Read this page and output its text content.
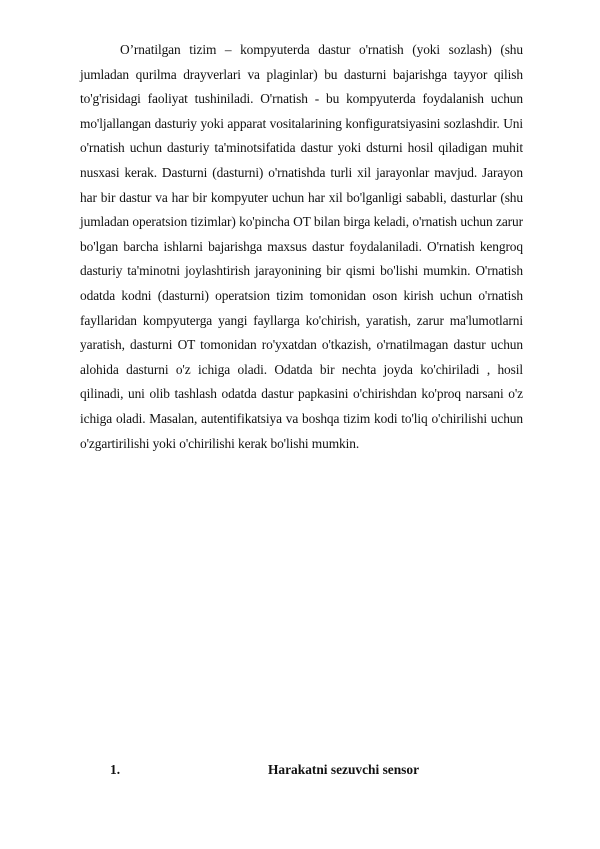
O’rnatilgan tizim – kompyuterda dastur o'rnatish (yoki sozlash) (shu jumladan qurilma drayverlari va plaginlar) bu dasturni bajarishga tayyor qilish to'g'risidagi faoliyat tushiniladi. O'rnatish - bu kompyuterda foydalanish uchun mo'ljallangan dasturiy yoki apparat vositalarining konfiguratsiyasini sozlashdir. Uni o'rnatish uchun dasturiy ta'minotsifatida dastur yoki dsturni hosil qiladigan muhit nusxasi kerak. Dasturni (dasturni) o'rnatishda turli xil jarayonlar mavjud. Jarayon har bir dastur va har bir kompyuter uchun har xil bo'lganligi sababli, dasturlar (shu jumladan operatsion tizimlar) ko'pincha OT bilan birga keladi, o'rnatish uchun zarur bo'lgan barcha ishlarni bajarishga maxsus dastur foydalaniladi. O'rnatish kengroq dasturiy ta'minotni joylashtirish jarayonining bir qismi bo'lishi mumkin. O'rnatish odatda kodni (dasturni) operatsion tizim tomonidan oson kirish uchun o'rnatish fayllaridan kompyuterga yangi fayllarga ko'chirish, yaratish, zarur ma'lumotlarni yaratish, dasturni OT tomonidan ro'yxatdan o'tkazish, o'rnatilmagan dastur uchun alohida dasturni o'z ichiga oladi. Odatda bir nechta joyda ko'chiriladi , hosil qilinadi, uni olib tashlash odatda dastur papkasini o'chirishdan ko'proq narsani o'z ichiga oladi. Masalan, autentifikatsiya va boshqa tizim kodi to'liq o'chirilishi uchun o'zgartirilishi yoki o'chirilishi kerak bo'lishi mumkin.

1.	Harakatni sezuvchi sensor
